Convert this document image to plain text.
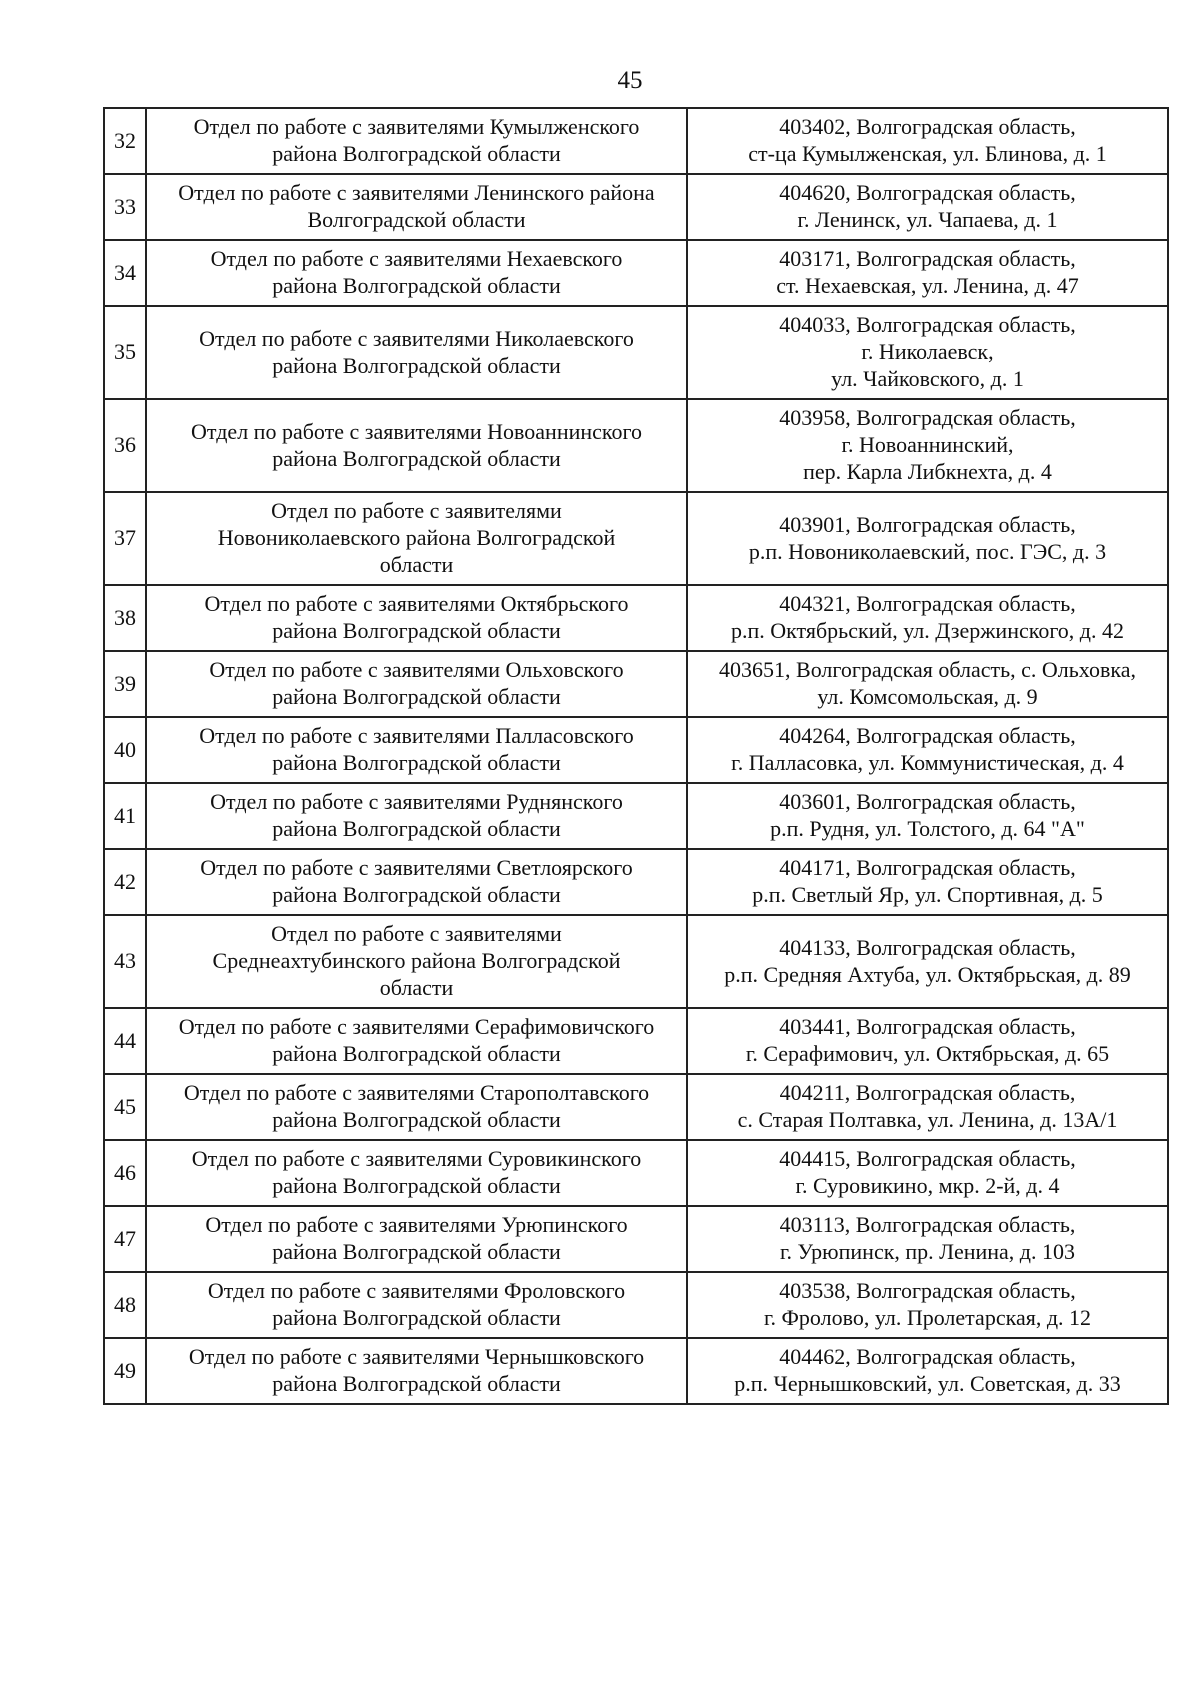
45
32	Отдел по работе с заявителями Кумылженского
района Волгоградской области	403402, Волгоградская область,
ст-ца Кумылженская, ул. Блинова, д. 1
33	Отдел по работе с заявителями Ленинского района
Волгоградской области	404620, Волгоградская область,
г. Ленинск, ул. Чапаева, д. 1
34	Отдел по работе с заявителями Нехаевского
района Волгоградской области	403171, Волгоградская область,
ст. Нехаевская, ул. Ленина, д. 47
35	Отдел по работе с заявителями Николаевского
района Волгоградской области	404033, Волгоградская область,
г. Николаевск,
ул. Чайковского, д. 1
36	Отдел по работе с заявителями Новоаннинского
района Волгоградской области	403958, Волгоградская область,
г. Новоаннинский,
пер. Карла Либкнехта, д. 4
37	Отдел по работе с заявителями
Новониколаевского района Волгоградской
области	403901, Волгоградская область,
р.п. Новониколаевский, пос. ГЭС, д. 3
38	Отдел по работе с заявителями Октябрьского
района Волгоградской области	404321, Волгоградская область,
р.п. Октябрьский, ул. Дзержинского, д. 42
39	Отдел по работе с заявителями Ольховского
района Волгоградской области	403651, Волгоградская область, с. Ольховка,
ул. Комсомольская, д. 9
40	Отдел по работе с заявителями Палласовского
района Волгоградской области	404264, Волгоградская область,
г. Палласовка, ул. Коммунистическая, д. 4
41	Отдел по работе с заявителями Руднянского
района Волгоградской области	403601, Волгоградская область,
р.п. Рудня, ул. Толстого, д. 64 "А"
42	Отдел по работе с заявителями Светлоярского
района Волгоградской области	404171, Волгоградская область,
р.п. Светлый Яр, ул. Спортивная, д. 5
43	Отдел по работе с заявителями
Среднеахтубинского района Волгоградской
области	404133, Волгоградская область,
р.п. Средняя Ахтуба, ул. Октябрьская, д. 89
44	Отдел по работе с заявителями Серафимовичского
района Волгоградской области	403441, Волгоградская область,
г. Серафимович, ул. Октябрьская, д. 65
45	Отдел по работе с заявителями Старополтавского
района Волгоградской области	404211, Волгоградская область,
с. Старая Полтавка, ул. Ленина, д. 13А/1
46	Отдел по работе с заявителями Суровикинского
района Волгоградской области	404415, Волгоградская область,
г. Суровикино, мкр. 2-й, д. 4
47	Отдел по работе с заявителями Урюпинского
района Волгоградской области	403113, Волгоградская область,
г. Урюпинск, пр. Ленина, д. 103
48	Отдел по работе с заявителями Фроловского
района Волгоградской области	403538, Волгоградская область,
г. Фролово, ул. Пролетарская, д. 12
49	Отдел по работе с заявителями Чернышковского
района Волгоградской области	404462, Волгоградская область,
р.п. Чернышковский, ул. Советская, д. 33
